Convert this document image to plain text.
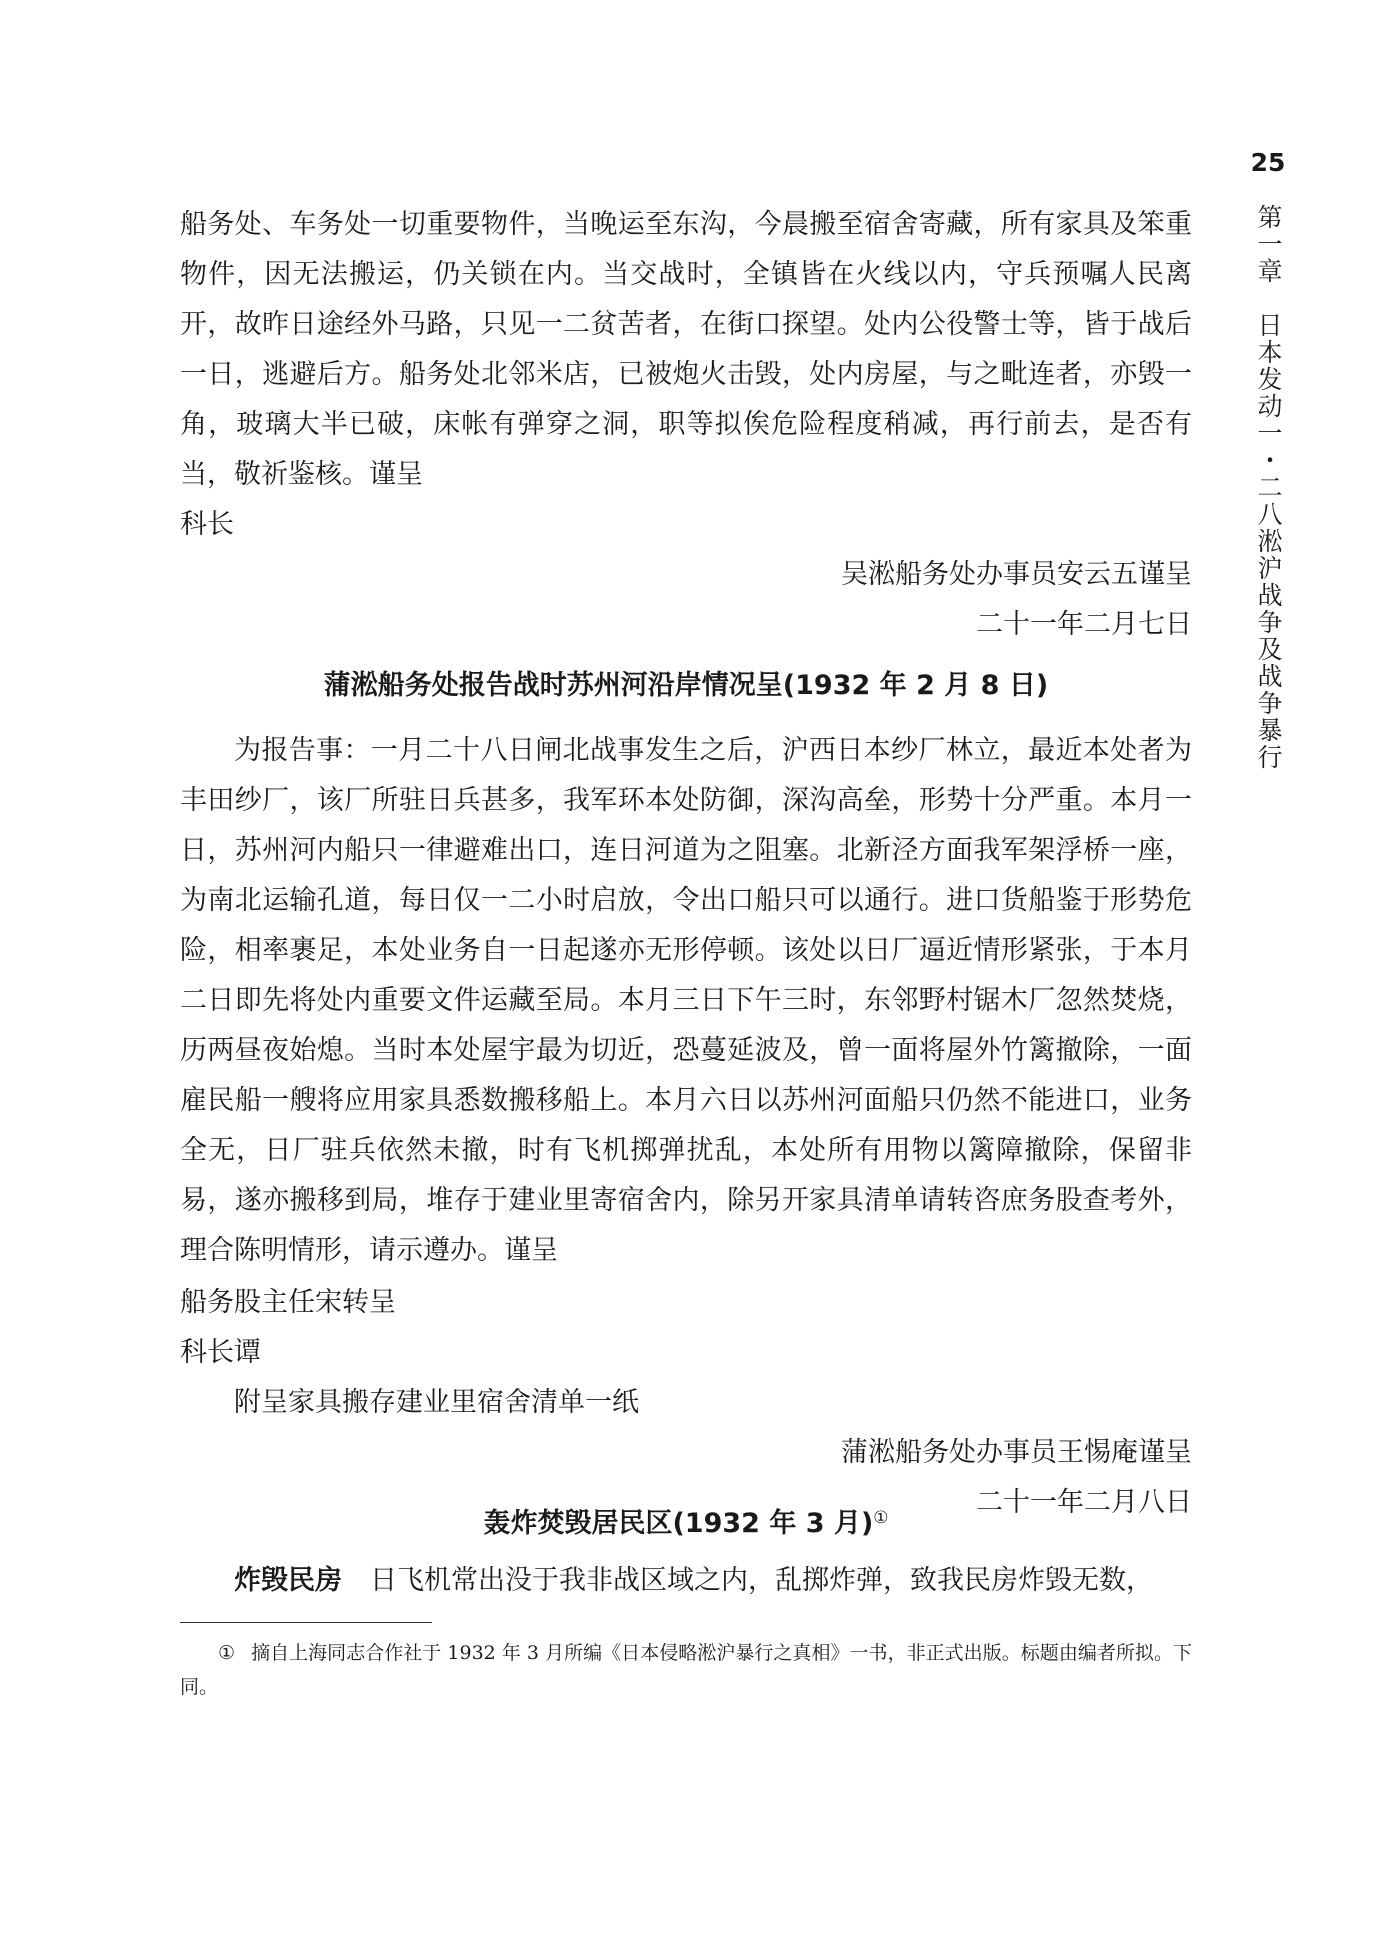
25
第一章　日本发动一・二八淞沪战争及战争暴行

船务处、车务处一切重要物件，当晚运至东沟，今晨搬至宿舍寄藏，所有家具及笨重物件，因无法搬运，仍关锁在内。当交战时，全镇皆在火线以内，守兵预嘱人民离开，故昨日途经外马路，只见一二贫苦者，在街口探望。处内公役警士等，皆于战后一日，逃避后方。船务处北邻米店，已被炮火击毁，处内房屋，与之毗连者，亦毁一角，玻璃大半已破，床帐有弹穿之洞，职等拟俟危险程度稍减，再行前去，是否有当，敬祈鉴核。谨呈

科长
吴淞船务处办事员安云五谨呈
二十一年二月七日
蒲淞船务处报告战时苏州河沿岸情况呈(1932 年 2 月 8 日)

为报告事：一月二十八日闸北战事发生之后，沪西日本纱厂林立，最近本处者为丰田纱厂，该厂所驻日兵甚多，我军环本处防御，深沟高垒，形势十分严重。本月一日，苏州河内船只一律避难出口，连日河道为之阻塞。北新泾方面我军架浮桥一座，为南北运输孔道，每日仅一二小时启放，令出口船只可以通行。进口货船鉴于形势危险，相率裹足，本处业务自一日起遂亦无形停顿。该处以日厂逼近情形紧张，于本月二日即先将处内重要文件运藏至局。本月三日下午三时，东邻野村锯木厂忽然焚烧，历两昼夜始熄。当时本处屋宇最为切近，恐蔓延波及，曾一面将屋外竹篱撤除，一面雇民船一艘将应用家具悉数搬移船上。本月六日以苏州河面船只仍然不能进口，业务全无，日厂驻兵依然未撤，时有飞机掷弹扰乱，本处所有用物以篱障撤除，保留非易，遂亦搬移到局，堆存于建业里寄宿舍内，除另开家具清单请转咨庶务股查考外，理合陈明情形，请示遵办。谨呈

船务股主任宋转呈
科长谭
附呈家具搬存建业里宿舍清单一纸
蒲淞船务处办事员王惕庵谨呈
二十一年二月八日
轰炸焚毁居民区(1932 年 3 月)①
炸毁民房 日飞机常出没于我非战区域之内，乱掷炸弹，致我民房炸毁无数，

① 摘自上海同志合作社于 1932 年 3 月所编《日本侵略淞沪暴行之真相》一书，非正式出版。标题由编者所拟。下同。
